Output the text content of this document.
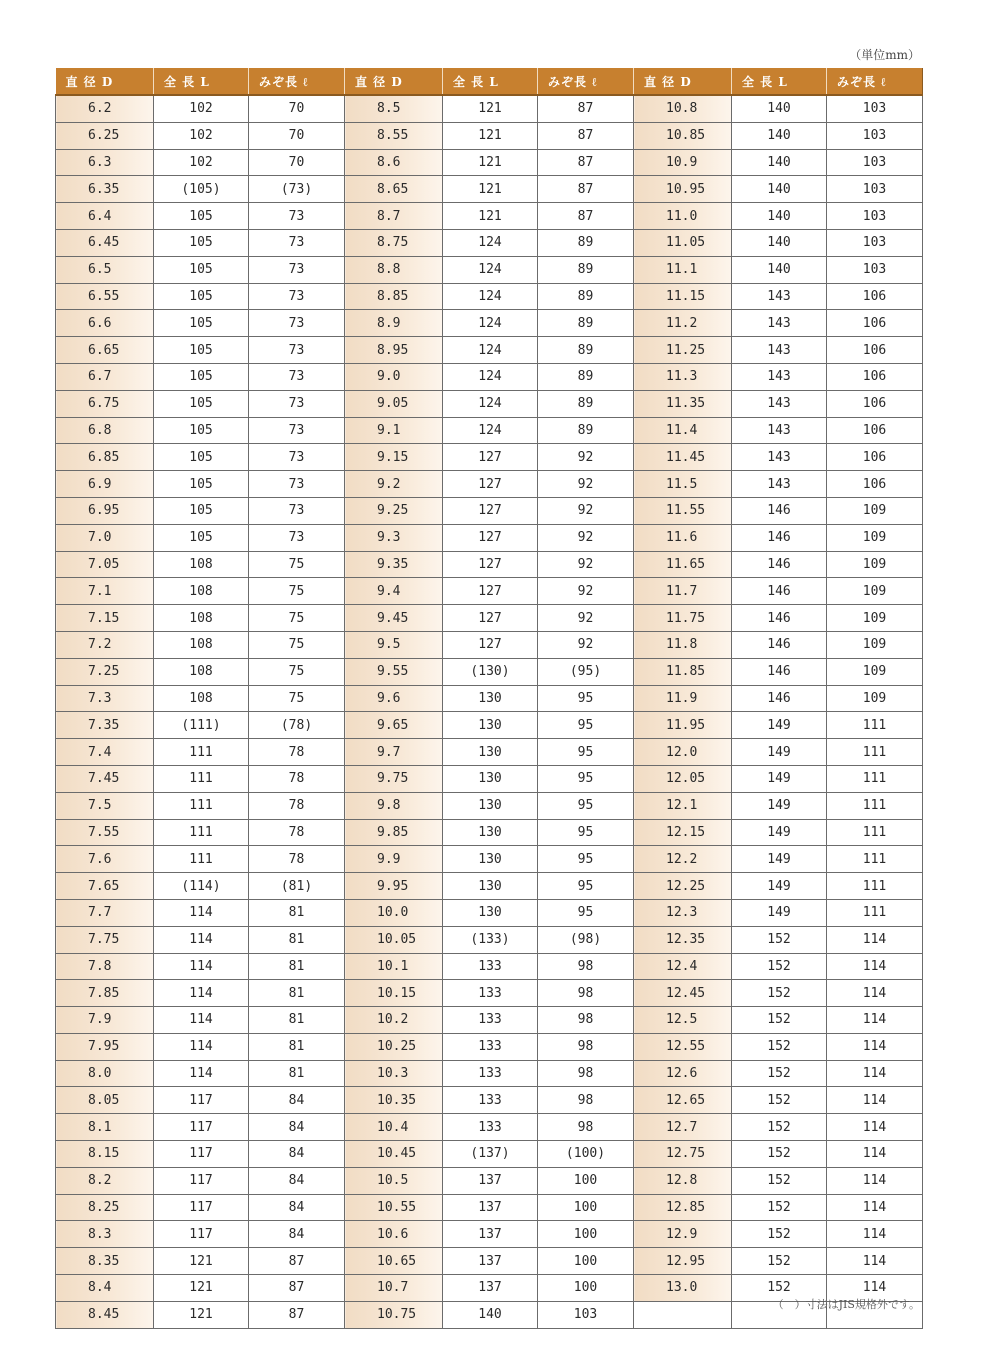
（単位mm）
直 径 D	全 長 L	みぞ長 ℓ	直 径 D	全 長 L	みぞ長 ℓ	直 径 D	全 長 L	みぞ長 ℓ
6.2	102	70	8.5	121	87	10.8	140	103
6.25	102	70	8.55	121	87	10.85	140	103
6.3	102	70	8.6	121	87	10.9	140	103
6.35	(105)	(73)	8.65	121	87	10.95	140	103
6.4	105	73	8.7	121	87	11.0	140	103
6.45	105	73	8.75	124	89	11.05	140	103
6.5	105	73	8.8	124	89	11.1	140	103
6.55	105	73	8.85	124	89	11.15	143	106
6.6	105	73	8.9	124	89	11.2	143	106
6.65	105	73	8.95	124	89	11.25	143	106
6.7	105	73	9.0	124	89	11.3	143	106
6.75	105	73	9.05	124	89	11.35	143	106
6.8	105	73	9.1	124	89	11.4	143	106
6.85	105	73	9.15	127	92	11.45	143	106
6.9	105	73	9.2	127	92	11.5	143	106
6.95	105	73	9.25	127	92	11.55	146	109
7.0	105	73	9.3	127	92	11.6	146	109
7.05	108	75	9.35	127	92	11.65	146	109
7.1	108	75	9.4	127	92	11.7	146	109
7.15	108	75	9.45	127	92	11.75	146	109
7.2	108	75	9.5	127	92	11.8	146	109
7.25	108	75	9.55	(130)	(95)	11.85	146	109
7.3	108	75	9.6	130	95	11.9	146	109
7.35	(111)	(78)	9.65	130	95	11.95	149	111
7.4	111	78	9.7	130	95	12.0	149	111
7.45	111	78	9.75	130	95	12.05	149	111
7.5	111	78	9.8	130	95	12.1	149	111
7.55	111	78	9.85	130	95	12.15	149	111
7.6	111	78	9.9	130	95	12.2	149	111
7.65	(114)	(81)	9.95	130	95	12.25	149	111
7.7	114	81	10.0	130	95	12.3	149	111
7.75	114	81	10.05	(133)	(98)	12.35	152	114
7.8	114	81	10.1	133	98	12.4	152	114
7.85	114	81	10.15	133	98	12.45	152	114
7.9	114	81	10.2	133	98	12.5	152	114
7.95	114	81	10.25	133	98	12.55	152	114
8.0	114	81	10.3	133	98	12.6	152	114
8.05	117	84	10.35	133	98	12.65	152	114
8.1	117	84	10.4	133	98	12.7	152	114
8.15	117	84	10.45	(137)	(100)	12.75	152	114
8.2	117	84	10.5	137	100	12.8	152	114
8.25	117	84	10.55	137	100	12.85	152	114
8.3	117	84	10.6	137	100	12.9	152	114
8.35	121	87	10.65	137	100	12.95	152	114
8.4	121	87	10.7	137	100	13.0	152	114
8.45	121	87	10.75	140	103			
（　）寸法はJIS規格外です。
